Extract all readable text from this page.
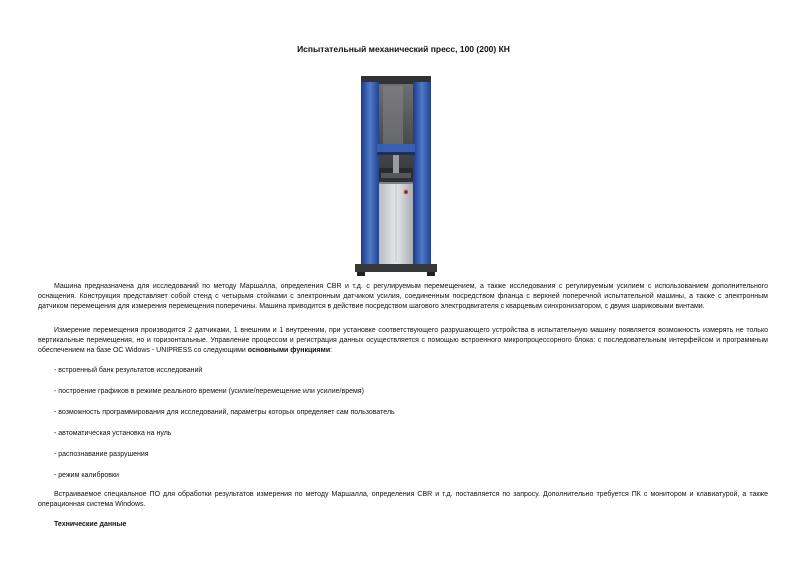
Испытательный механический пресс, 100 (200) КН

Машина предназначена для исследований по методу Маршалла, определения CBR и т.д. с регулируемым перемещением, а также исследования с регулируемым усилием с использованием дополнительного оснащения. Конструкция представляет собой стенд с четырьмя стойками с электронным датчиком усилия, соединенным посредством фланца с верхней поперечной испытательной машины, а также с электронным датчиком перемещения для измерения перемещения поперечины. Машина приводится в действие посредством шагового электродвигателя с кварцевым синхронизатором, с двумя шариковыми винтами.

Измерение перемещения производится 2 датчиками, 1 внешним и 1 внутренним, при установке соответствующего разрушающего устройства в испытательную машину появляется возможность измерять не только вертикальные перемещения, но и горизонтальные. Управление процессом и регистрация данных осуществляется с помощью встроенного микропроцессорного блока: с последовательным интерфейсом и программным обеспечением на базе ОС Widows - UNIPRESS со следующими основными функциями:

- встроенный банк результатов исследований

- построение графиков в режиме реального времени (усилие/перемещение или усилие/время)

- возможность программирования для исследований, параметры которых определяет сам пользователь

- автоматическая установка на нуль

- распознавание разрушения

- режим калибровки

Встраиваемое специальное ПО для обработки результатов измерения по методу Маршалла, определения CBR и т.д. поставляется по запросу. Дополнительно требуется ПК с монитором и клавиатурой, а также операционная система Windows.

Технические данные
